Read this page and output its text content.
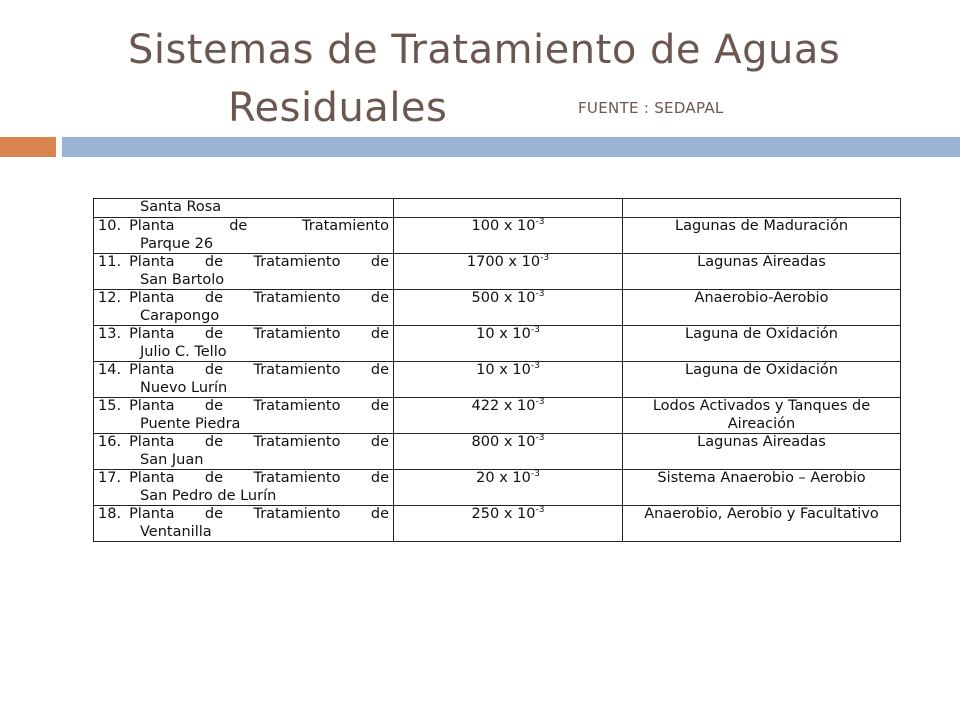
Sistemas de Tratamiento de Aguas
Residuales	FUENTE : SEDAPAL
Santa Rosa		

10. Planta de Tratamiento
Parque 26	100 x $10^{-3}$	Lagunas de Maduración

11. Planta de Tratamiento de
San Bartolo	1700 x $10^{-3}$	Lagunas Aireadas

12. Planta de Tratamiento de
Carapongo	500 x $10^{-3}$	Anaerobio-Aerobio

13. Planta de Tratamiento de
Julio C. Tello	10 x $10^{-3}$	Laguna de Oxidación

14. Planta de Tratamiento de
Nuevo Lurín	10 x $10^{-3}$	Laguna de Oxidación

15. Planta de Tratamiento de
Puente Piedra	422 x $10^{-3}$	Lodos Activados y Tanques de Aireación

16. Planta de Tratamiento de
San Juan	800 x $10^{-3}$	Lagunas Aireadas

17. Planta de Tratamiento de
San Pedro de Lurín	20 x $10^{-3}$	Sistema Anaerobio – Aerobio

18. Planta de Tratamiento de
Ventanilla	250 x $10^{-3}$	Anaerobio, Aerobio y Facultativo
